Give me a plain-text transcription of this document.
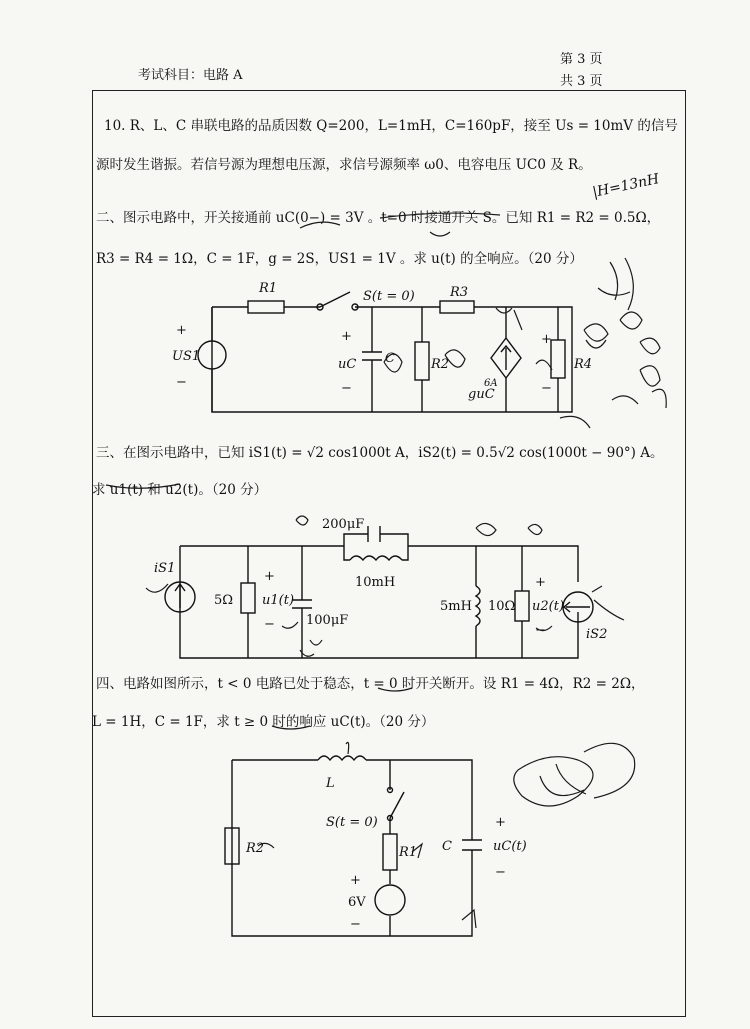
考试科目：电路 A
第 3 页
共 3 页
10. R、L、C 串联电路的品质因数 Q=200，L=1mH，C=160pF，接至 Us = 10mV 的信号
源时发生谐振。若信号源为理想电压源，求信号源频率 ω0、电容电压 UC0 及 R。
|H=13nH
二、图示电路中，开关接通前 uC(0−) = 3V 。t=0 时接通开关 S。已知 R1 = R2 = 0.5Ω，
R3 = R4 = 1Ω，C = 1F，g = 2S，US1 = 1V 。求 u(t) 的全响应。（20 分）
R1
S(t = 0)	R3
+
US1
−
+
uC
−
C	R2
guC
+
R4
−
三、在图示电路中，已知 iS1(t) = √2 cos1000t A，iS2(t) = 0.5√2 cos(1000t − 90°) A。
求 u1(t) 和 u2(t)。（20 分）
200μF
10mH
iS1
5Ω
+
u1(t)
− 100μF
5mH 10Ω
+
u2(t)
−	iS2
6A
四、电路如图所示，t < 0 电路已处于稳态，t = 0 时开关断开。设 R1 = 4Ω，R2 = 2Ω，
L = 1H，C = 1F，求 t ≥ 0 时的响应 uC(t)。（20 分）
L
S(t = 0)
R2	R1 C
+
uC(t)
−
+
6V
−
